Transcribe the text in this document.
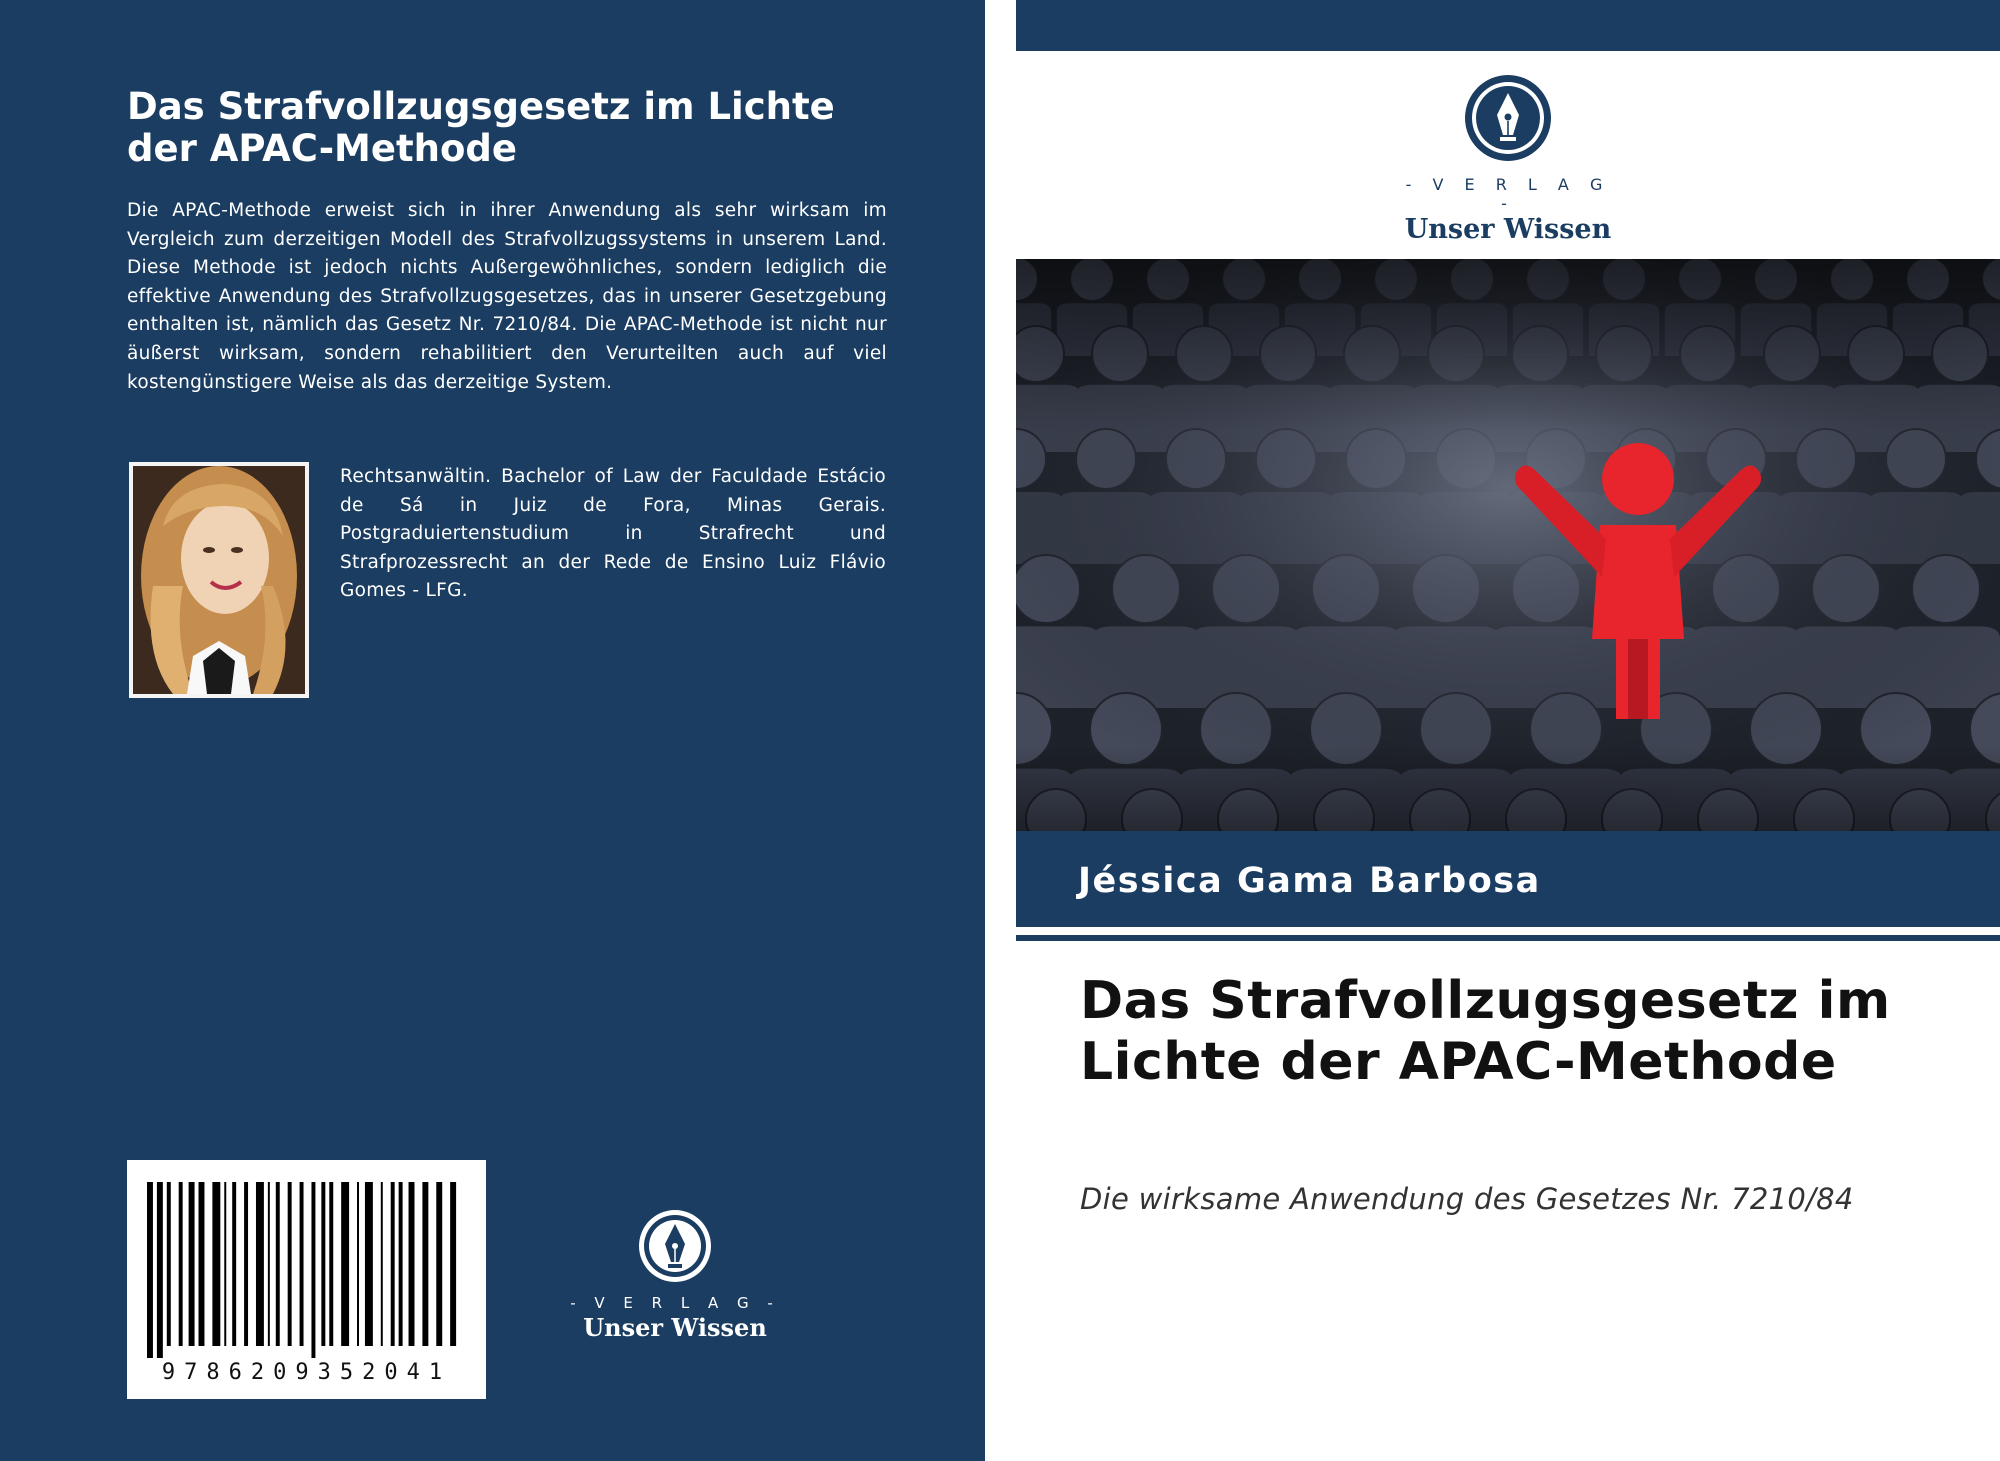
Das Strafvollzugsgesetz im Lichte der APAC-Methode

Die APAC-Methode erweist sich in ihrer Anwendung als sehr wirksam im Vergleich zum derzeitigen Modell des Strafvollzugssystems in unserem Land. Diese Methode ist jedoch nichts Außergewöhnliches, sondern lediglich die effektive Anwendung des Strafvollzugsgesetzes, das in unserer Gesetzgebung enthalten ist, nämlich das Gesetz Nr. 7210/84. Die APAC-Methode ist nicht nur äußerst wirksam, sondern rehabilitiert den Verurteilten auch auf viel kostengünstigere Weise als das derzeitige System.

Rechtsanwältin. Bachelor of Law der Faculdade Estácio de Sá in Juiz de Fora, Minas Gerais. Postgraduiertenstudium in Strafrecht und Strafprozessrecht an der Rede de Ensino Luiz Flávio Gomes - LFG.

9786209352041
- V E R L A G -
Unser Wissen
- V E R L A G -
Unser Wissen
Jéssica Gama Barbosa
Das Strafvollzugsgesetz im Lichte der APAC-Methode
Die wirksame Anwendung des Gesetzes Nr. 7210/84
